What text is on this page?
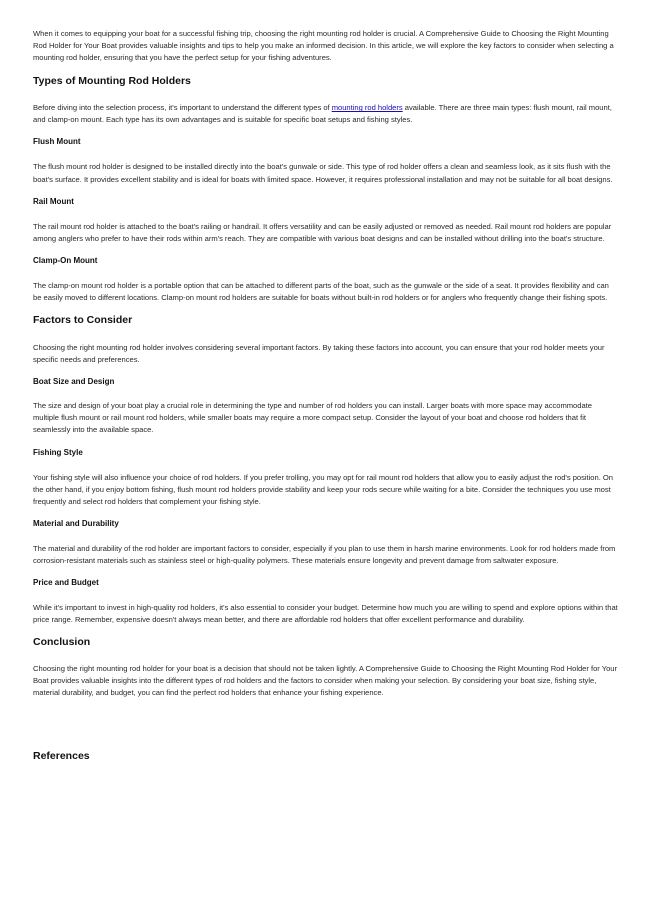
When it comes to equipping your boat for a successful fishing trip, choosing the right mounting rod holder is crucial. A Comprehensive Guide to Choosing the Right Mounting Rod Holder for Your Boat provides valuable insights and tips to help you make an informed decision. In this article, we will explore the key factors to consider when selecting a mounting rod holder, ensuring that you have the perfect setup for your fishing adventures.

Types of Mounting Rod Holders

Before diving into the selection process, it's important to understand the different types of mounting rod holders available. There are three main types: flush mount, rail mount, and clamp-on mount. Each type has its own advantages and is suitable for specific boat setups and fishing styles.

Flush Mount

The flush mount rod holder is designed to be installed directly into the boat's gunwale or side. This type of rod holder offers a clean and seamless look, as it sits flush with the boat's surface. It provides excellent stability and is ideal for boats with limited space. However, it requires professional installation and may not be suitable for all boat designs.

Rail Mount

The rail mount rod holder is attached to the boat's railing or handrail. It offers versatility and can be easily adjusted or removed as needed. Rail mount rod holders are popular among anglers who prefer to have their rods within arm's reach. They are compatible with various boat designs and can be installed without drilling into the boat's structure.

Clamp-On Mount

The clamp-on mount rod holder is a portable option that can be attached to different parts of the boat, such as the gunwale or the side of a seat. It provides flexibility and can be easily moved to different locations. Clamp-on mount rod holders are suitable for boats without built-in rod holders or for anglers who frequently change their fishing spots.

Factors to Consider

Choosing the right mounting rod holder involves considering several important factors. By taking these factors into account, you can ensure that your rod holder meets your specific needs and preferences.

Boat Size and Design

The size and design of your boat play a crucial role in determining the type and number of rod holders you can install. Larger boats with more space may accommodate multiple flush mount or rail mount rod holders, while smaller boats may require a more compact setup. Consider the layout of your boat and choose rod holders that fit seamlessly into the available space.

Fishing Style

Your fishing style will also influence your choice of rod holders. If you prefer trolling, you may opt for rail mount rod holders that allow you to easily adjust the rod's position. On the other hand, if you enjoy bottom fishing, flush mount rod holders provide stability and keep your rods secure while waiting for a bite. Consider the techniques you use most frequently and select rod holders that complement your fishing style.

Material and Durability

The material and durability of the rod holder are important factors to consider, especially if you plan to use them in harsh marine environments. Look for rod holders made from corrosion-resistant materials such as stainless steel or high-quality polymers. These materials ensure longevity and prevent damage from saltwater exposure.

Price and Budget

While it's important to invest in high-quality rod holders, it's also essential to consider your budget. Determine how much you are willing to spend and explore options within that price range. Remember, expensive doesn't always mean better, and there are affordable rod holders that offer excellent performance and durability.

Conclusion

Choosing the right mounting rod holder for your boat is a decision that should not be taken lightly. A Comprehensive Guide to Choosing the Right Mounting Rod Holder for Your Boat provides valuable insights into the different types of rod holders and the factors to consider when making your selection. By considering your boat size, fishing style, material durability, and budget, you can find the perfect rod holders that enhance your fishing experience.

References
